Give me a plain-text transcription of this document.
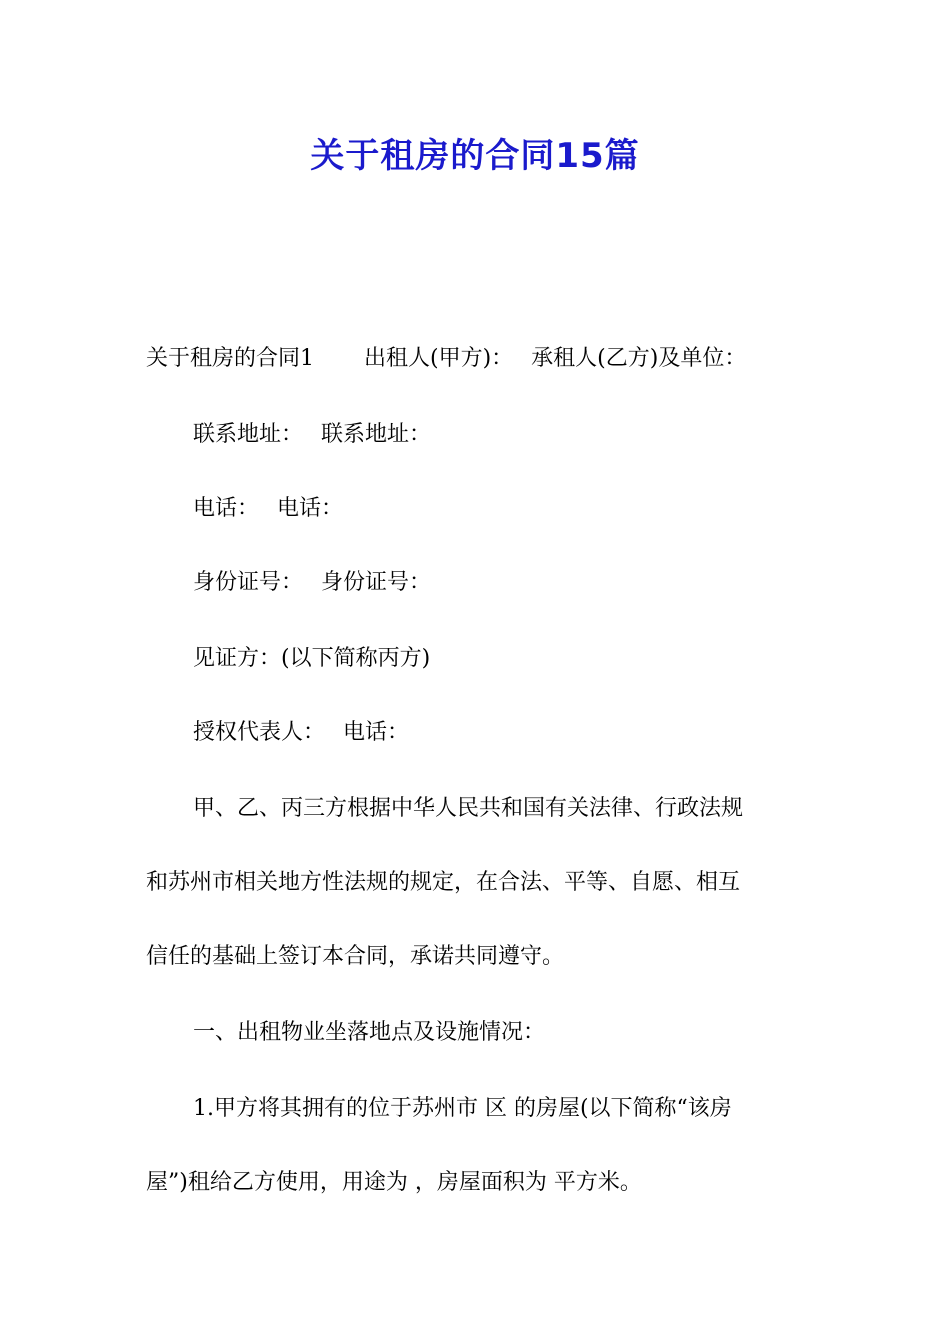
关于租房的合同15篇

关于租房的合同1 出租人(甲方)： 承租人(乙方)及单位：

联系地址： 联系地址：

电话： 电话：

身份证号： 身份证号：

见证方：(以下简称丙方)

授权代表人： 电话：

甲、乙、丙三方根据中华人民共和国有关法律、行政法规

和苏州市相关地方性法规的规定，在合法、平等、自愿、相互

信任的基础上签订本合同，承诺共同遵守。

一、出租物业坐落地点及设施情况：

1.甲方将其拥有的位于苏州市 区 的房屋(以下简称“该房

屋”)租给乙方使用，用途为 ，房屋面积为 平方米。
